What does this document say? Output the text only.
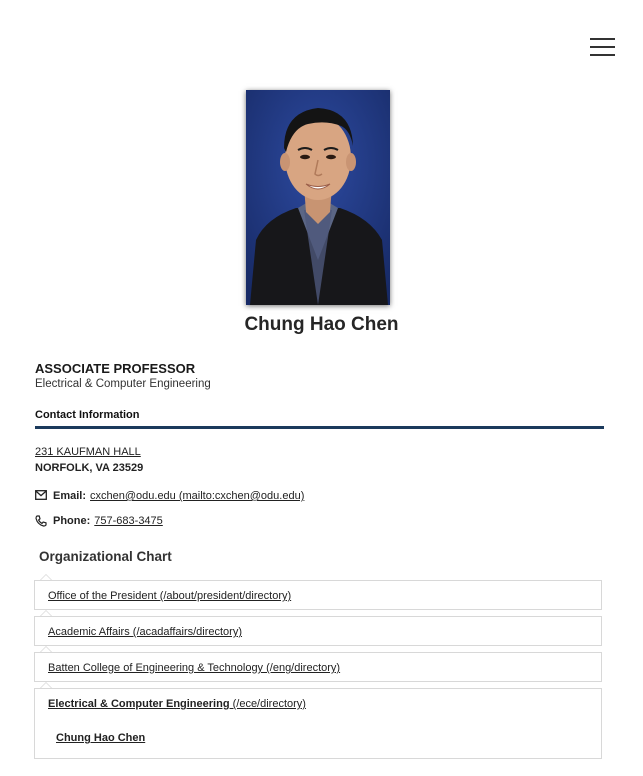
Chung Hao Chen
ASSOCIATE PROFESSOR
Electrical & Computer Engineering
Contact Information
231 KAUFMAN HALL
NORFOLK, VA 23529
Email: cxchen@odu.edu (mailto:cxchen@odu.edu)
Phone: 757-683-3475
Organizational Chart
Office of the President (/about/president/directory)
Academic Affairs (/acadaffairs/directory)
Batten College of Engineering & Technology (/eng/directory)
Electrical & Computer Engineering (/ece/directory)
Chung Hao Chen
